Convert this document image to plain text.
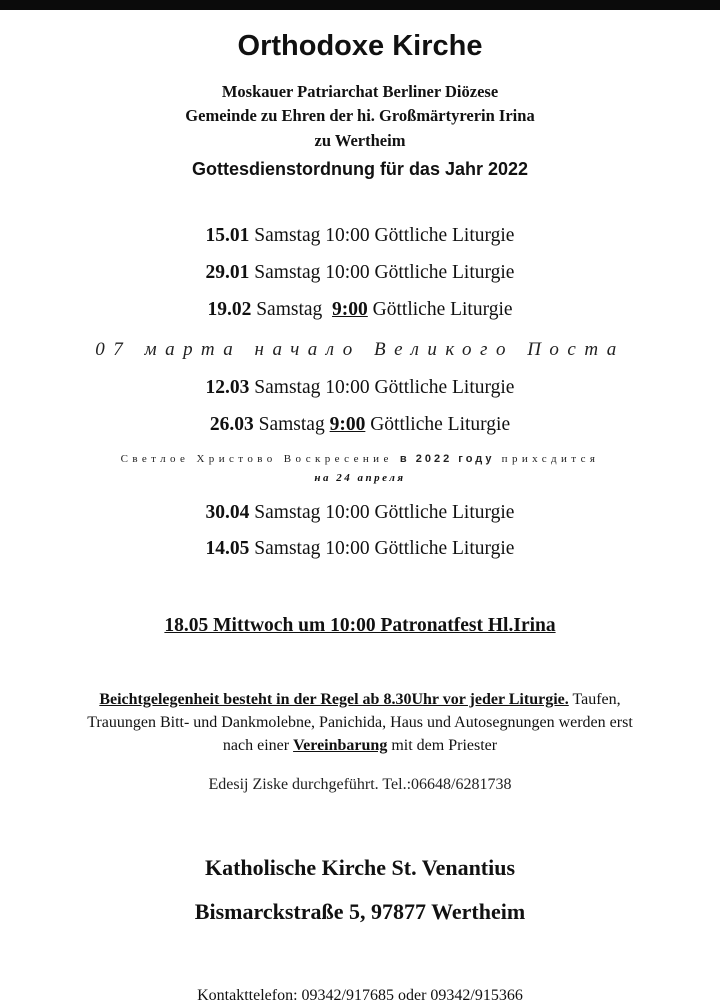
Orthodoxe Kirche
Moskauer Patriarchat Berliner Diözese
Gemeinde zu Ehren der hi. Großmärtyrerin Irina
zu Wertheim
Gottesdienstordnung für das Jahr 2022
15.01 Samstag 10:00 Göttliche Liturgie
29.01 Samstag 10:00 Göttliche Liturgie
19.02 Samstag 9:00 Göttliche Liturgie
07 марта начало Великого Поста
12.03 Samstag 10:00 Göttliche Liturgie
26.03 Samstag 9:00 Göttliche Liturgie
Светлое Христово Воскресение в 2022 году прихсдится
на 24 апреля
30.04 Samstag 10:00 Göttliche Liturgie
14.05 Samstag 10:00 Göttliche Liturgie
18.05 Mittwoch um 10:00 Patronatfest Hl.Irina
Beichtgelegenheit besteht in der Regel ab 8.30Uhr vor jeder Liturgie. Taufen,
Trauungen Bitt- und Dankmolebne, Panichida, Haus und Autosegnungen werden erst
nach einer Vereinbarung mit dem Priester
Edesij Ziske durchgeführt. Tel.:06648/6281738
Katholische Kirche St. Venantius
Bismarckstraße 5, 97877 Wertheim
Kontakttelefon: 09342/917685 oder 09342/915366
